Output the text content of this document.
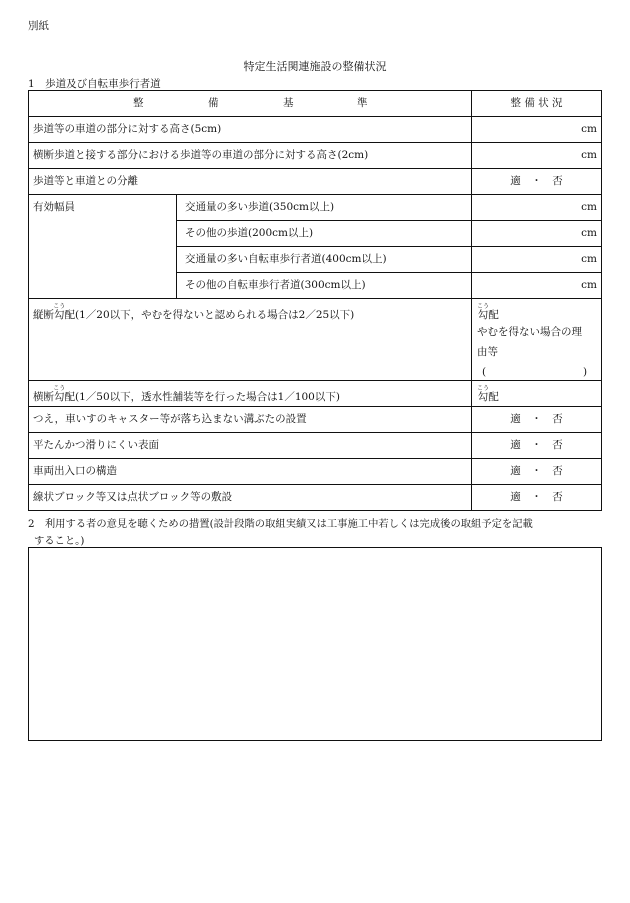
別紙
特定生活関連施設の整備状況
1　歩道及び自転車歩行者道
整	備	基	準	整 備 状 況
歩道等の車道の部分に対する高さ(5cm)	cm
横断歩道と接する部分における歩道等の車道の部分に対する高さ(2cm)	cm
歩道等と車道との分離	適　・　否
有効幅員	交通量の多い歩道(350cm以上)	cm
その他の歩道(200cm以上)	cm
交通量の多い自転車歩行者道(400cm以上)	cm
その他の自転車歩行者道(300cm以上)	cm
縦断勾こう配(1／20以下，やむを得ないと認められる場合は2／25以下)	勾こう配
やむを得ない場合の理
由等
(	)
横断勾こう配(1／50以下，透水性舗装等を行った場合は1／100以下)	勾こう配
つえ，車いすのキャスター等が落ち込まない溝ぶたの設置	適　・　否
平たんかつ滑りにくい表面	適　・　否
車両出入口の構造	適　・　否
線状ブロック等又は点状ブロック等の敷設	適　・　否
2　利用する者の意見を聴くための措置(設計段階の取組実績又は工事施工中若しくは完成後の取組予定を記載
すること。)
